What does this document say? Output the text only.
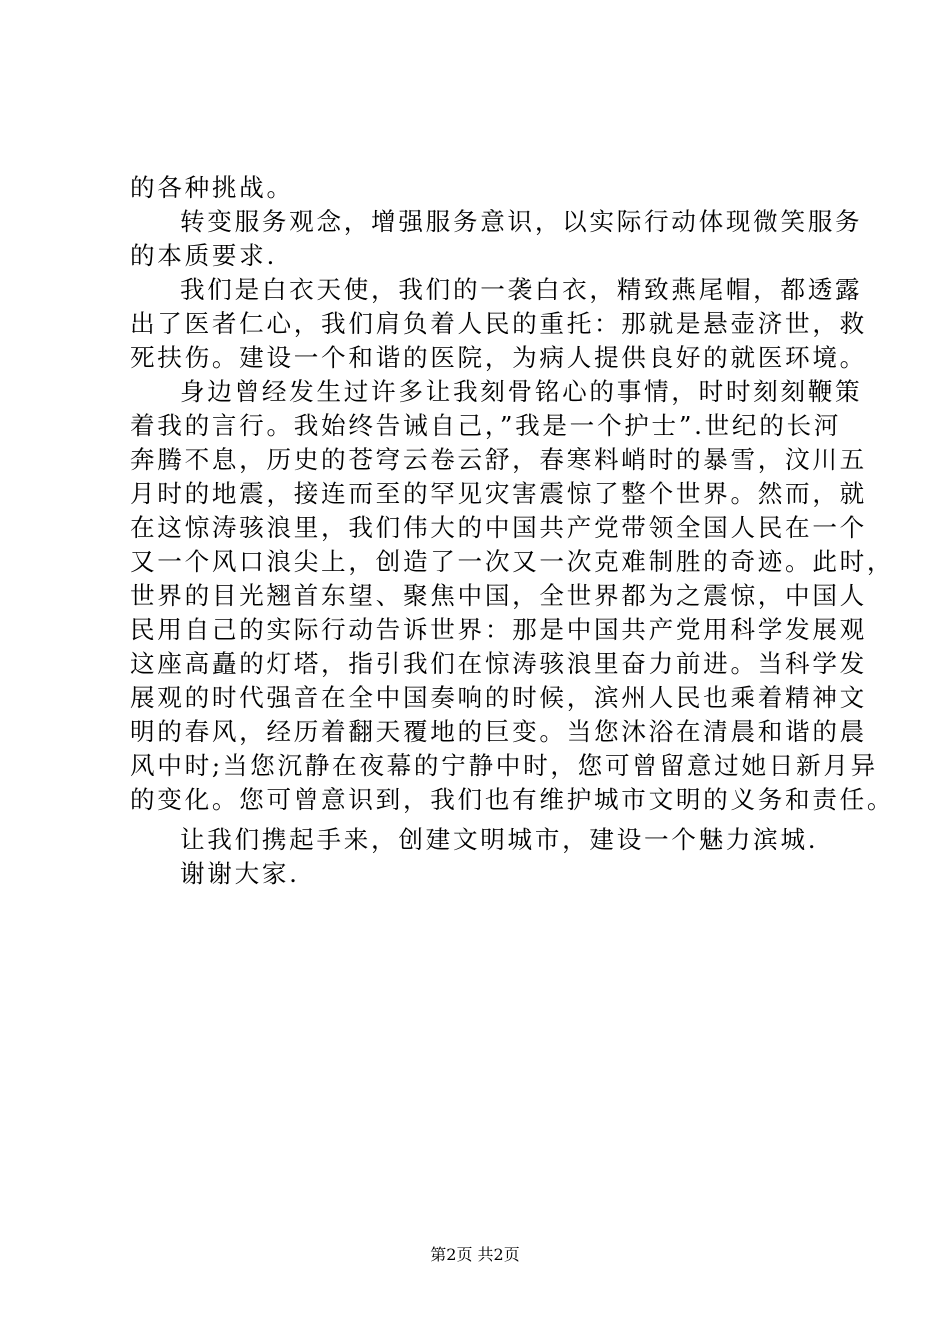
的各种挑战。
转变服务观念，增强服务意识，以实际行动体现微笑服务
的本质要求.
我们是白衣天使，我们的一袭白衣，精致燕尾帽，都透露
出了医者仁心，我们肩负着人民的重托：那就是悬壶济世，救
死扶伤。建设一个和谐的医院，为病人提供良好的就医环境。
身边曾经发生过许多让我刻骨铭心的事情，时时刻刻鞭策
着我的言行。我始终告诫自己，”我是一个护士”.世纪的长河
奔腾不息，历史的苍穹云卷云舒，春寒料峭时的暴雪，汶川五
月时的地震，接连而至的罕见灾害震惊了整个世界。然而，就
在这惊涛骇浪里，我们伟大的中国共产党带领全国人民在一个
又一个风口浪尖上，创造了一次又一次克难制胜的奇迹。此时，
世界的目光翘首东望、聚焦中国，全世界都为之震惊，中国人
民用自己的实际行动告诉世界：那是中国共产党用科学发展观
这座高矗的灯塔，指引我们在惊涛骇浪里奋力前进。当科学发
展观的时代强音在全中国奏响的时候，滨州人民也乘着精神文
明的春风，经历着翻天覆地的巨变。当您沐浴在清晨和谐的晨
风中时;当您沉静在夜幕的宁静中时，您可曾留意过她日新月异
的变化。您可曾意识到，我们也有维护城市文明的义务和责任。
让我们携起手来，创建文明城市，建设一个魅力滨城.
谢谢大家.
第2页 共2页
